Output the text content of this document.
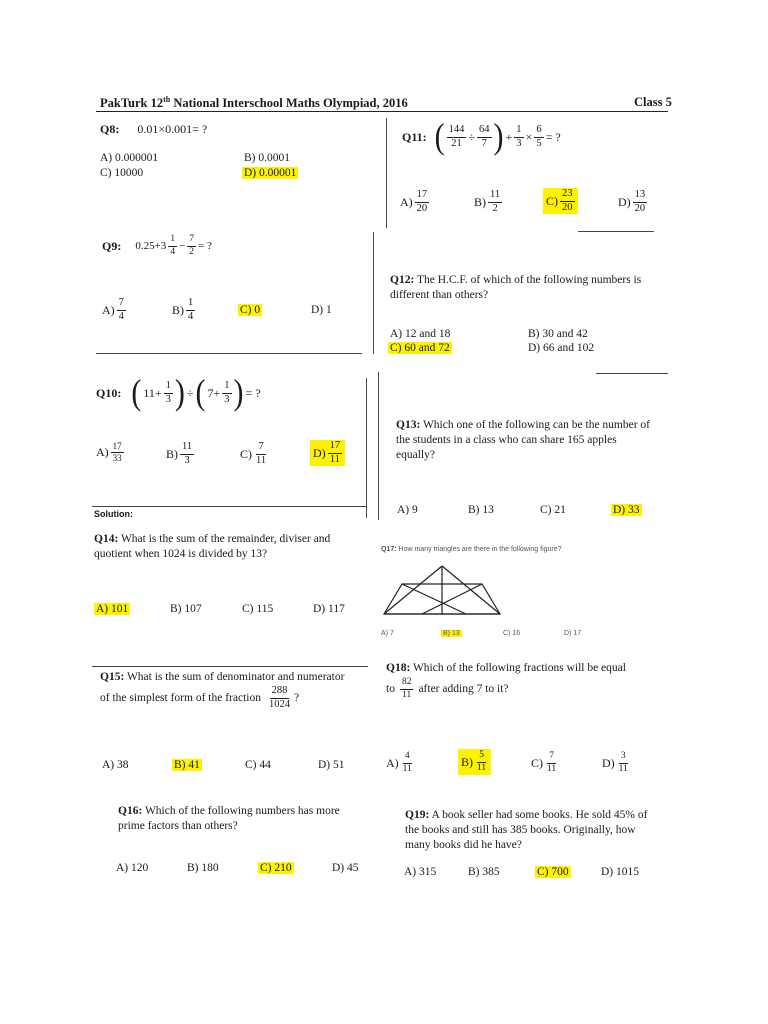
PakTurk 12th National Interschool Maths Olympiad, 2016	Class 5
Q8: 0.01×0.001= ?
A) 0.000001	B) 0.0001
C) 10000	D) 0.00001
Q11: ( $\frac{144}{21} \div \frac{64}{7}$ ) + $\frac{1}{3} \times \frac{6}{5}$ = ?
$A) \frac{17}{20}$	$B) \frac{11}{2}$	$C) \frac{23}{20}$	$D) \frac{13}{20}$
Q9: $0.25+3 \frac{1}{4} - \frac{7}{2}$ = ?
$A) \frac{7}{4}$	$B) \frac{1}{4}$	C) 0	D) 1
Q12: The H.C.F. of which of the following numbers is different than others?
A) 12 and 18	B) 30 and 42
C) 60 and 72	D) 66 and 102
Q10: ( $11+ \frac{1}{3}$ ) ÷ ( $7+ \frac{1}{3}$ ) = ?
$A) \frac{17}{33}$	$B) \frac{11}{3}$	$C) \frac{7}{11}$	$D) \frac{17}{11}$
Solution:
Q13: Which one of the following can be the number of the students in a class who can share 165 apples equally?
A) 9	B) 13	C) 21	D) 33
Q14: What is the sum of the remainder, diviser and quotient when 1024 is divided by 13?
A) 101	B) 107	C) 115	D) 117
Q17: How many triangles are there in the following figure?
A) 7	B) 13	C) 16	D) 17
Q15: What is the sum of denominator and numerator
of the simplest form of the fraction $\frac{288}{1024}$ ?
A) 38	B) 41	C) 44	D) 51
Q18: Which of the following fractions will be equal
to $\frac{82}{11}$ after adding 7 to it?
$A) \frac{4}{11}$	$B) \frac{5}{11}$	$C) \frac{7}{11}$	$D) \frac{3}{11}$
Q16: Which of the following numbers has more prime factors than others?
A) 120	B) 180	C) 210	D) 45
Q19: A book seller had some books. He sold 45% of the books and still has 385 books. Originally, how many books did he have?
A) 315	B) 385	C) 700	D) 1015
